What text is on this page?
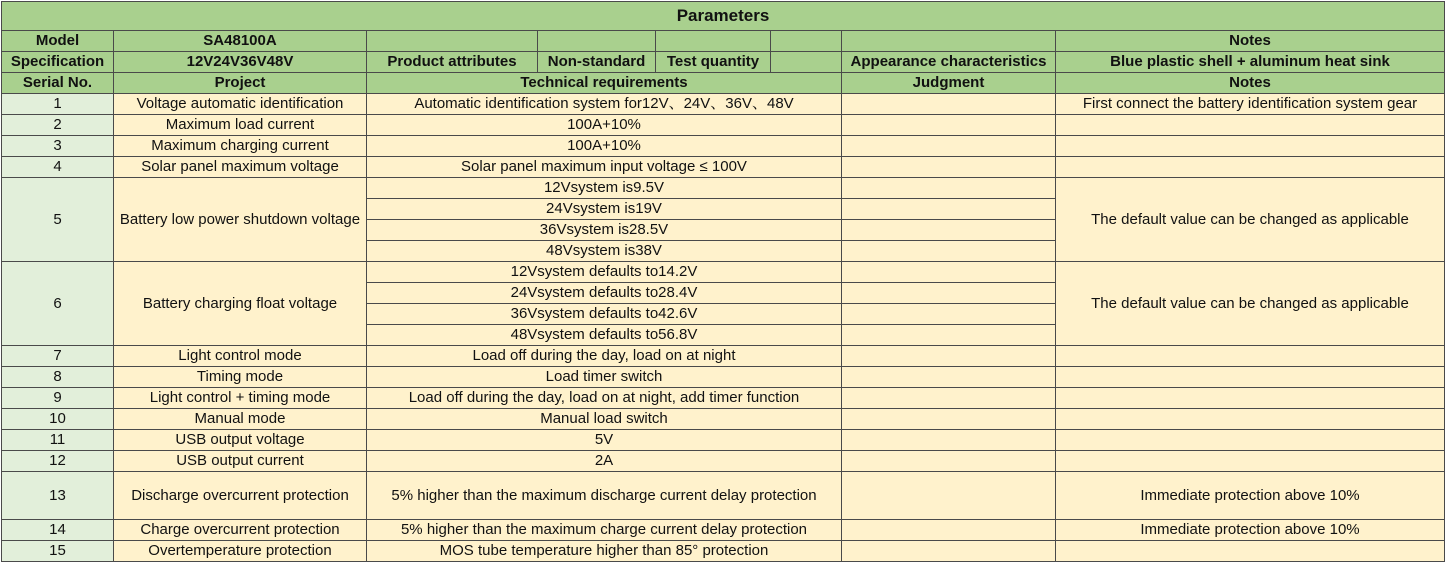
Parameters							
Model	SA48100A						Notes
Specification	12V24V36V48V	Product attributes	Non-standard	Test quantity		Appearance characteristics	Blue plastic shell + aluminum heat sink
Serial No.	Project	Technical requirements				Judgment	Notes
1	Voltage automatic identification	Automatic identification system for12V、24V、36V、48V					First connect the battery identification system gear
2	Maximum load current	100A+10%					
3	Maximum charging current	100A+10%					
4	Solar panel maximum voltage	Solar panel maximum input voltage ≤ 100V					
5	Battery low power shutdown voltage	12Vsystem is9.5V					The default value can be changed as applicable
		24Vsystem is19V					
		36Vsystem is28.5V					
		48Vsystem is38V					
6	Battery charging float voltage	12Vsystem defaults to14.2V					The default value can be changed as applicable
		24Vsystem defaults to28.4V					
		36Vsystem defaults to42.6V					
		48Vsystem defaults to56.8V					
7	Light control mode	Load off during the day, load on at night					
8	Timing mode	Load timer switch					
9	Light control + timing mode	Load off during the day, load on at night, add timer function					
10	Manual mode	Manual load switch					
11	USB output voltage	5V					
12	USB output current	2A					
13	Discharge overcurrent protection	5% higher than the maximum discharge current delay protection					Immediate protection above 10%
14	Charge overcurrent protection	5% higher than the maximum charge current delay protection					Immediate protection above 10%
15	Overtemperature protection	MOS tube temperature higher than 85° protection					
